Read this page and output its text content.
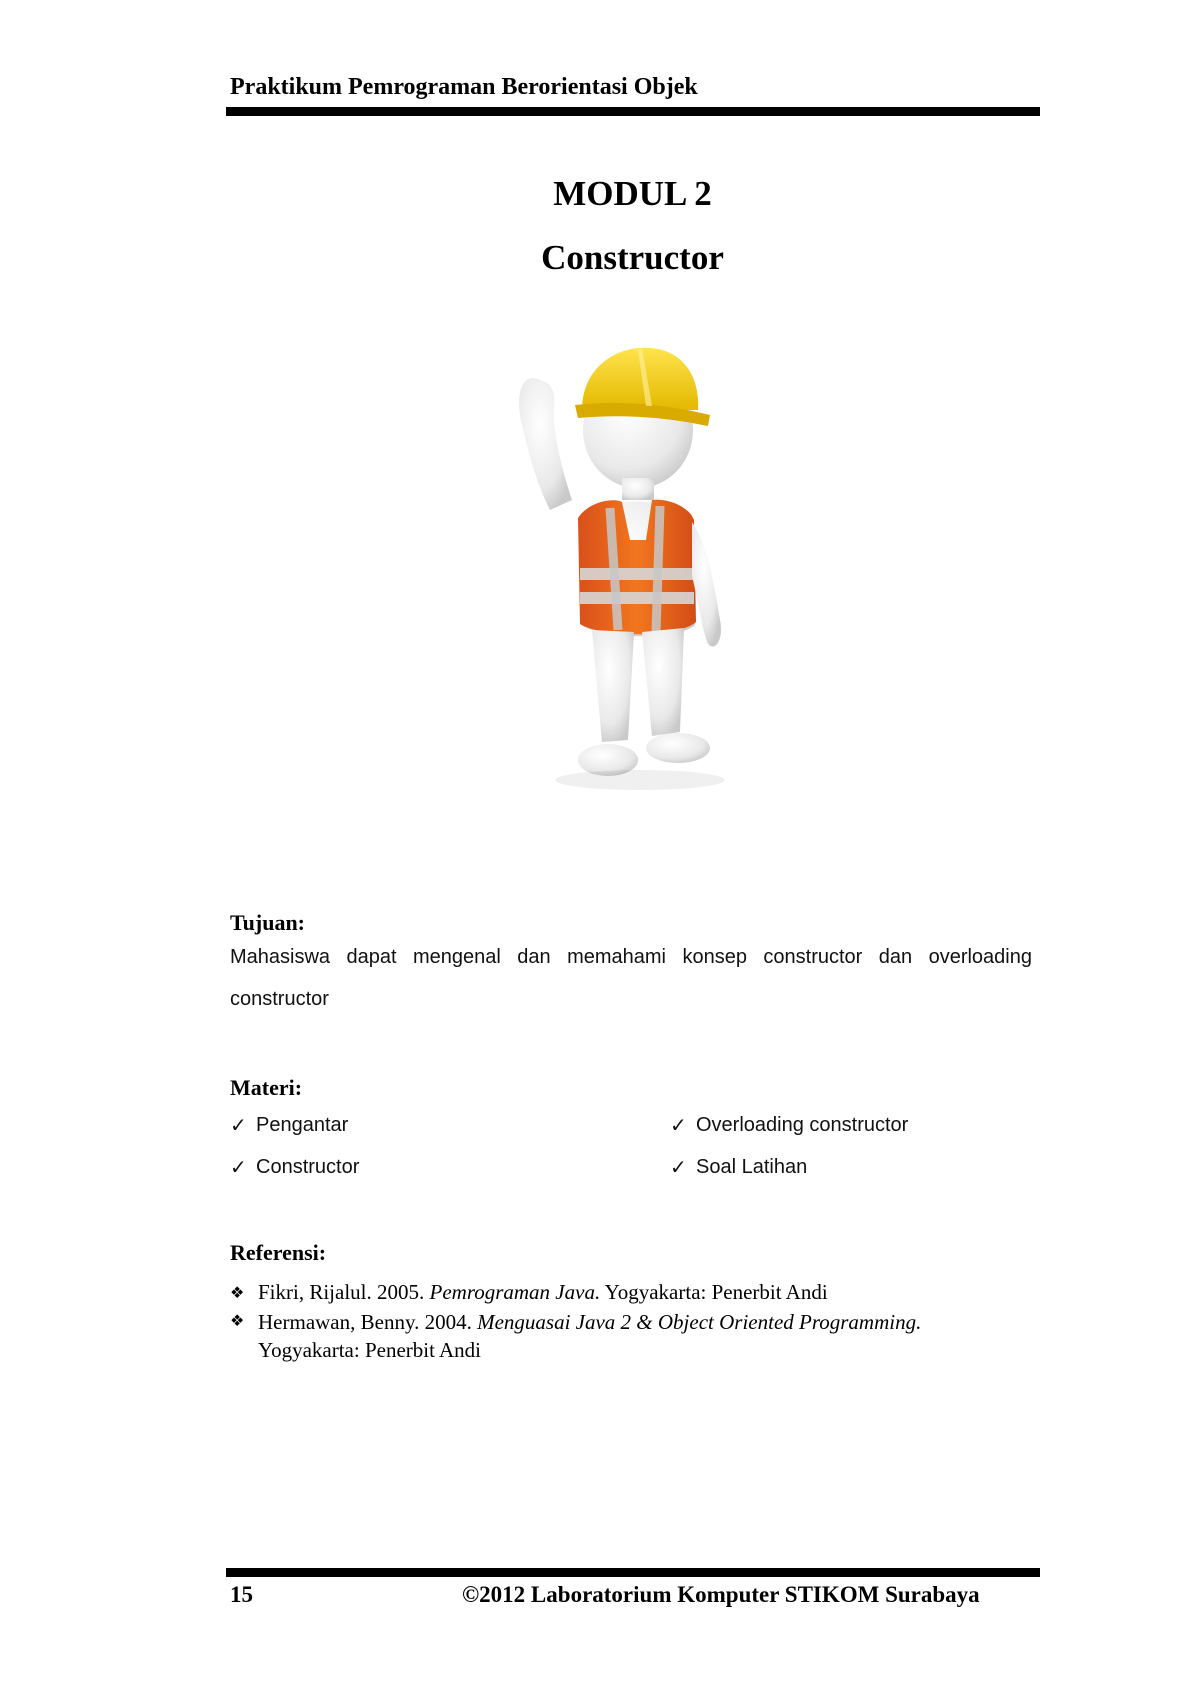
Praktikum Pemrograman Berorientasi Objek
MODUL 2
Constructor
Tujuan:
Mahasiswa dapat mengenal dan memahami konsep constructor dan overloading
constructor
Materi:
✓ Pengantar
✓ Constructor
✓ Overloading constructor
✓ Soal Latihan
Referensi:
❖ Fikri, Rijalul. 2005. Pemrograman Java. Yogyakarta: Penerbit Andi
❖ Hermawan, Benny. 2004. Menguasai Java 2 & Object Oriented Programming.
Yogyakarta: Penerbit Andi
15	©2012 Laboratorium Komputer STIKOM Surabaya
